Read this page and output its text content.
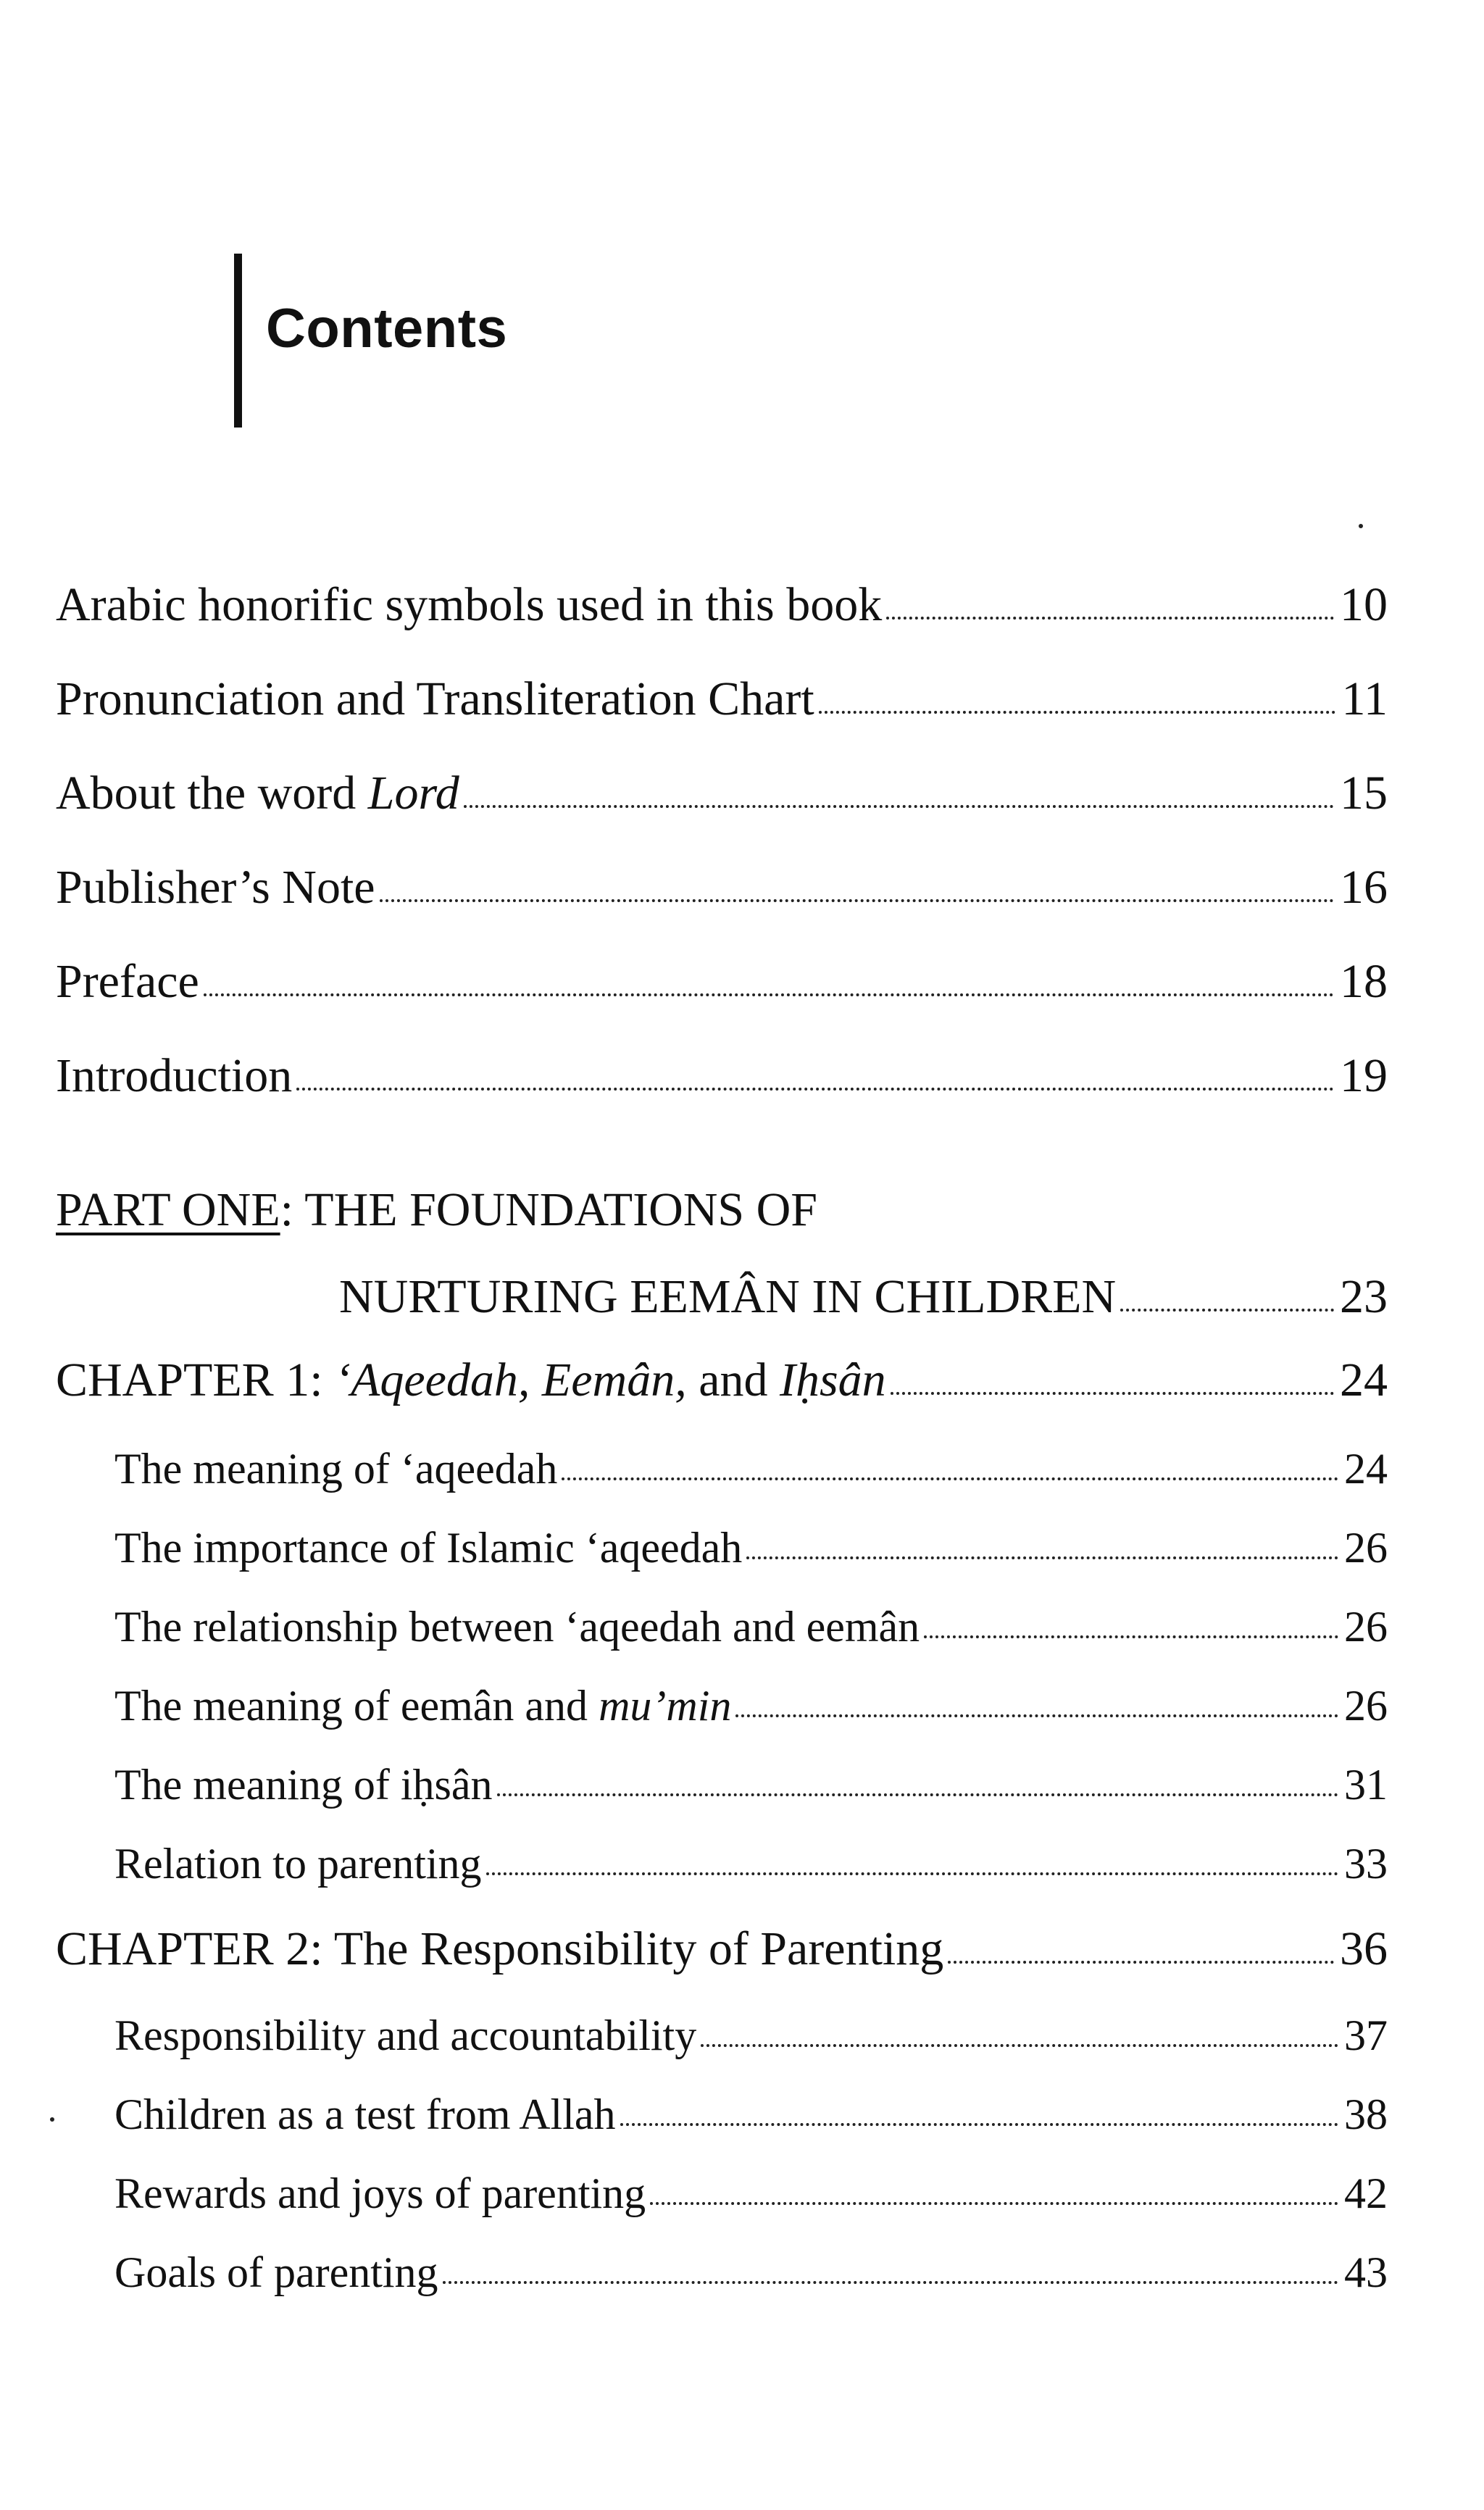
Contents
Arabic honorific symbols used in this book	10
Pronunciation and Transliteration Chart	11
About the word Lord	15
Publisher’s Note	16
Preface	18
Introduction	19
PART ONE: THE FOUNDATIONS OF
NURTURING EEMÂN IN CHILDREN	23
CHAPTER 1: ‘Aqeedah, Eemân, and Iḥsân	24
The meaning of ‘aqeedah	24
The importance of Islamic ‘aqeedah	26
The relationship between ‘aqeedah and eemân	26
The meaning of eemân and mu’min	26
The meaning of iḥsân	31
Relation to parenting	33
CHAPTER 2: The Responsibility of Parenting	36
Responsibility and accountability	37
Children as a test from Allah	38
Rewards and joys of parenting	42
Goals of parenting	43
